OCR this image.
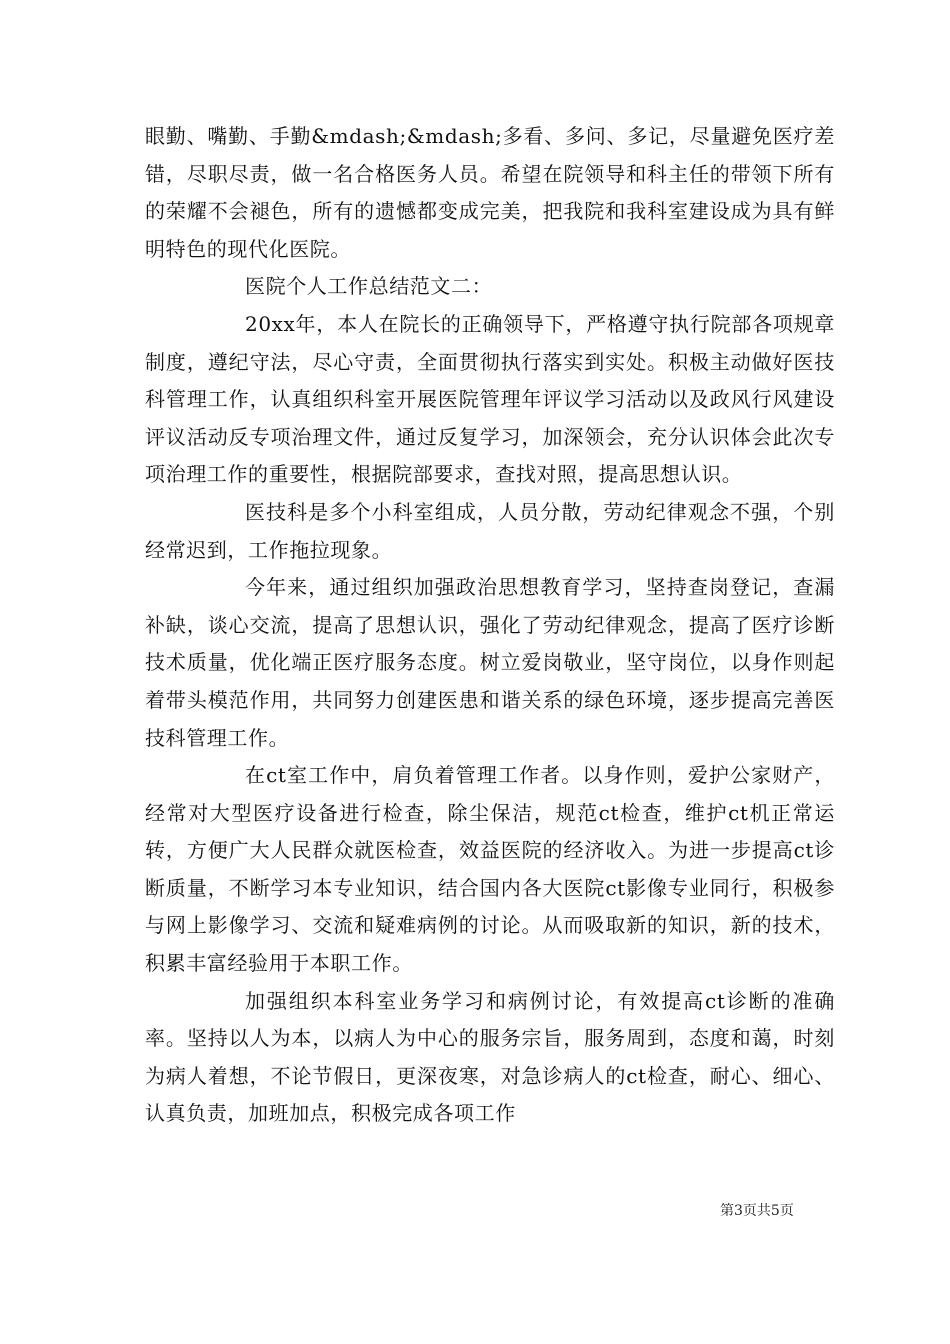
眼勤、嘴勤、手勤&mdash;&mdash;多看、多问、多记，尽量避免医疗差错，尽职尽责，做一名合格医务人员。希望在院领导和科主任的带领下所有的荣耀不会褪色，所有的遗憾都变成完美，把我院和我科室建设成为具有鲜明特色的现代化医院。

医院个人工作总结范文二：

20xx年，本人在院长的正确领导下，严格遵守执行院部各项规章制度，遵纪守法，尽心守责，全面贯彻执行落实到实处。积极主动做好医技科管理工作，认真组织科室开展医院管理年评议学习活动以及政风行风建设评议活动反专项治理文件，通过反复学习，加深领会，充分认识体会此次专项治理工作的重要性，根据院部要求，查找对照，提高思想认识。

医技科是多个小科室组成，人员分散，劳动纪律观念不强，个别经常迟到，工作拖拉现象。

今年来，通过组织加强政治思想教育学习，坚持查岗登记，查漏补缺，谈心交流，提高了思想认识，强化了劳动纪律观念，提高了医疗诊断技术质量，优化端正医疗服务态度。树立爱岗敬业，坚守岗位，以身作则起着带头模范作用，共同努力创建医患和谐关系的绿色环境，逐步提高完善医技科管理工作。

在ct室工作中，肩负着管理工作者。以身作则，爱护公家财产，经常对大型医疗设备进行检查，除尘保洁，规范ct检查，维护ct机正常运转，方便广大人民群众就医检查，效益医院的经济收入。为进一步提高ct诊断质量，不断学习本专业知识，结合国内各大医院ct影像专业同行，积极参与网上影像学习、交流和疑难病例的讨论。从而吸取新的知识，新的技术，积累丰富经验用于本职工作。

加强组织本科室业务学习和病例讨论，有效提高ct诊断的准确率。坚持以人为本，以病人为中心的服务宗旨，服务周到，态度和蔼，时刻为病人着想，不论节假日，更深夜寒，对急诊病人的ct检查，耐心、细心、认真负责，加班加点，积极完成各项工作

第3页共5页
